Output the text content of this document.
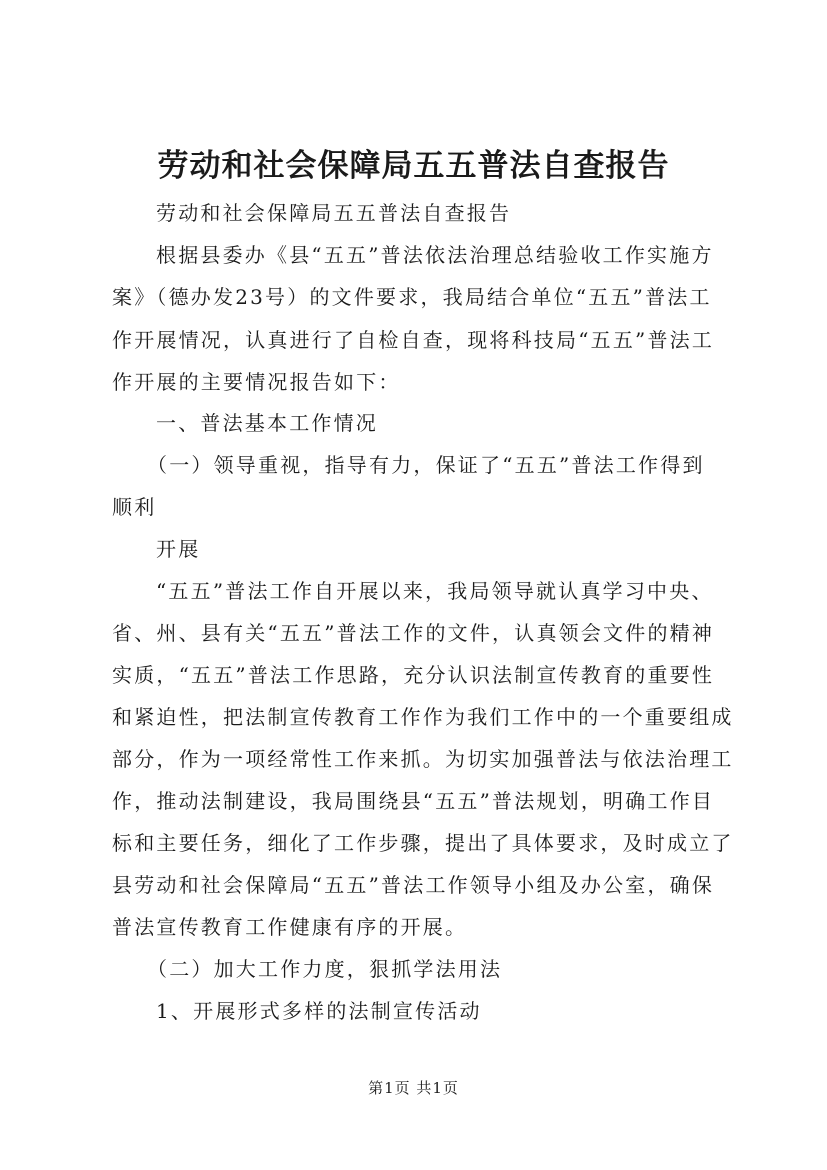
劳动和社会保障局五五普法自查报告
劳动和社会保障局五五普法自查报告
根据县委办《县“五五”普法依法治理总结验收工作实施方
案》（德办发23号）的文件要求，我局结合单位“五五”普法工
作开展情况，认真进行了自检自查，现将科技局“五五”普法工
作开展的主要情况报告如下：
一、普法基本工作情况
（一）领导重视，指导有力，保证了“五五”普法工作得到
顺利
开展
“五五”普法工作自开展以来，我局领导就认真学习中央、
省、州、县有关“五五”普法工作的文件，认真领会文件的精神
实质，“五五”普法工作思路，充分认识法制宣传教育的重要性
和紧迫性，把法制宣传教育工作作为我们工作中的一个重要组成
部分，作为一项经常性工作来抓。为切实加强普法与依法治理工
作，推动法制建设，我局围绕县“五五”普法规划，明确工作目
标和主要任务，细化了工作步骤，提出了具体要求，及时成立了
县劳动和社会保障局“五五”普法工作领导小组及办公室，确保
普法宣传教育工作健康有序的开展。
（二）加大工作力度，狠抓学法用法
1、开展形式多样的法制宣传活动
第1页 共1页
